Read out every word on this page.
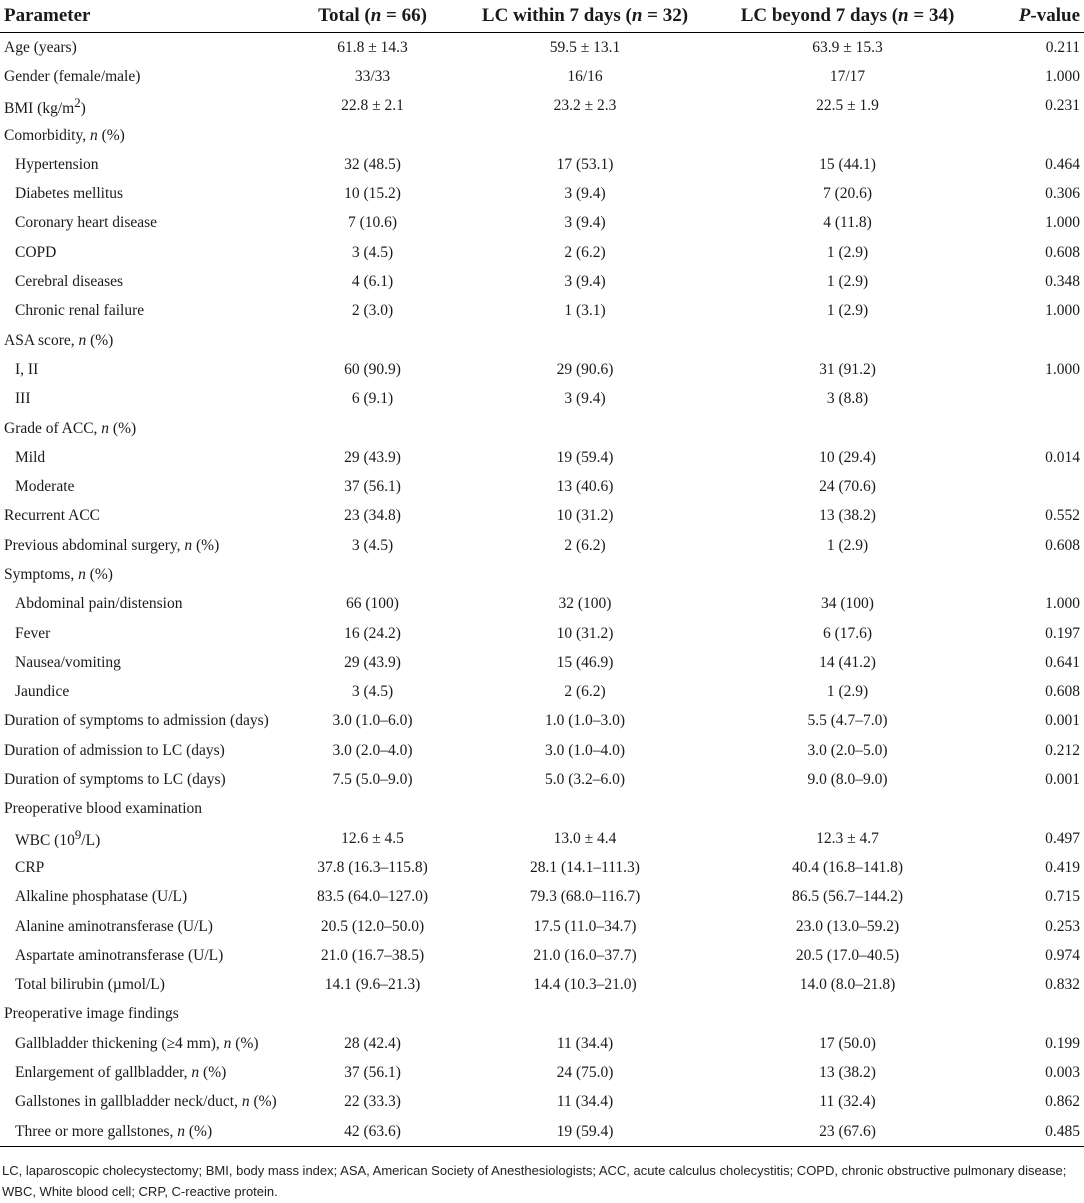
Parameter	Total (n = 66)	LC within 7 days (n = 32)	LC beyond 7 days (n = 34)	P-value
Age (years)	61.8 ± 14.3	59.5 ± 13.1	63.9 ± 15.3	0.211
Gender (female/male)	33/33	16/16	17/17	1.000
BMI $(kg/m^2)$	22.8 ± 2.1	23.2 ± 2.3	22.5 ± 1.9	0.231
Comorbidity, n (%)				
Hypertension	32 (48.5)	17 (53.1)	15 (44.1)	0.464
Diabetes mellitus	10 (15.2)	3 (9.4)	7 (20.6)	0.306
Coronary heart disease	7 (10.6)	3 (9.4)	4 (11.8)	1.000
COPD	3 (4.5)	2 (6.2)	1 (2.9)	0.608
Cerebral diseases	4 (6.1)	3 (9.4)	1 (2.9)	0.348
Chronic renal failure	2 (3.0)	1 (3.1)	1 (2.9)	1.000
ASA score, n (%)				
I, II	60 (90.9)	29 (90.6)	31 (91.2)	1.000
III	6 (9.1)	3 (9.4)	3 (8.8)	
Grade of ACC, n (%)				
Mild	29 (43.9)	19 (59.4)	10 (29.4)	0.014
Moderate	37 (56.1)	13 (40.6)	24 (70.6)	
Recurrent ACC	23 (34.8)	10 (31.2)	13 (38.2)	0.552
Previous abdominal surgery, n (%)	3 (4.5)	2 (6.2)	1 (2.9)	0.608
Symptoms, n (%)				
Abdominal pain/distension	66 (100)	32 (100)	34 (100)	1.000
Fever	16 (24.2)	10 (31.2)	6 (17.6)	0.197
Nausea/vomiting	29 (43.9)	15 (46.9)	14 (41.2)	0.641
Jaundice	3 (4.5)	2 (6.2)	1 (2.9)	0.608
Duration of symptoms to admission (days)	3.0 (1.0–6.0)	1.0 (1.0–3.0)	5.5 (4.7–7.0)	0.001
Duration of admission to LC (days)	3.0 (2.0–4.0)	3.0 (1.0–4.0)	3.0 (2.0–5.0)	0.212
Duration of symptoms to LC (days)	7.5 (5.0–9.0)	5.0 (3.2–6.0)	9.0 (8.0–9.0)	0.001
Preoperative blood examination				
WBC $(10^9/L)$	12.6 ± 4.5	13.0 ± 4.4	12.3 ± 4.7	0.497
CRP	37.8 (16.3–115.8)	28.1 (14.1–111.3)	40.4 (16.8–141.8)	0.419
Alkaline phosphatase (U/L)	83.5 (64.0–127.0)	79.3 (68.0–116.7)	86.5 (56.7–144.2)	0.715
Alanine aminotransferase (U/L)	20.5 (12.0–50.0)	17.5 (11.0–34.7)	23.0 (13.0–59.2)	0.253
Aspartate aminotransferase (U/L)	21.0 (16.7–38.5)	21.0 (16.0–37.7)	20.5 (17.0–40.5)	0.974
Total bilirubin (µmol/L)	14.1 (9.6–21.3)	14.4 (10.3–21.0)	14.0 (8.0–21.8)	0.832
Preoperative image findings				
Gallbladder thickening (≥4 mm), n (%)	28 (42.4)	11 (34.4)	17 (50.0)	0.199
Enlargement of gallbladder, n (%)	37 (56.1)	24 (75.0)	13 (38.2)	0.003
Gallstones in gallbladder neck/duct, n (%)	22 (33.3)	11 (34.4)	11 (32.4)	0.862
Three or more gallstones, n (%)	42 (63.6)	19 (59.4)	23 (67.6)	0.485

LC, laparoscopic cholecystectomy; BMI, body mass index; ASA, American Society of Anesthesiologists; ACC, acute calculus cholecystitis; COPD, chronic obstructive pulmonary disease; WBC, White blood cell; CRP, C-reactive protein.
